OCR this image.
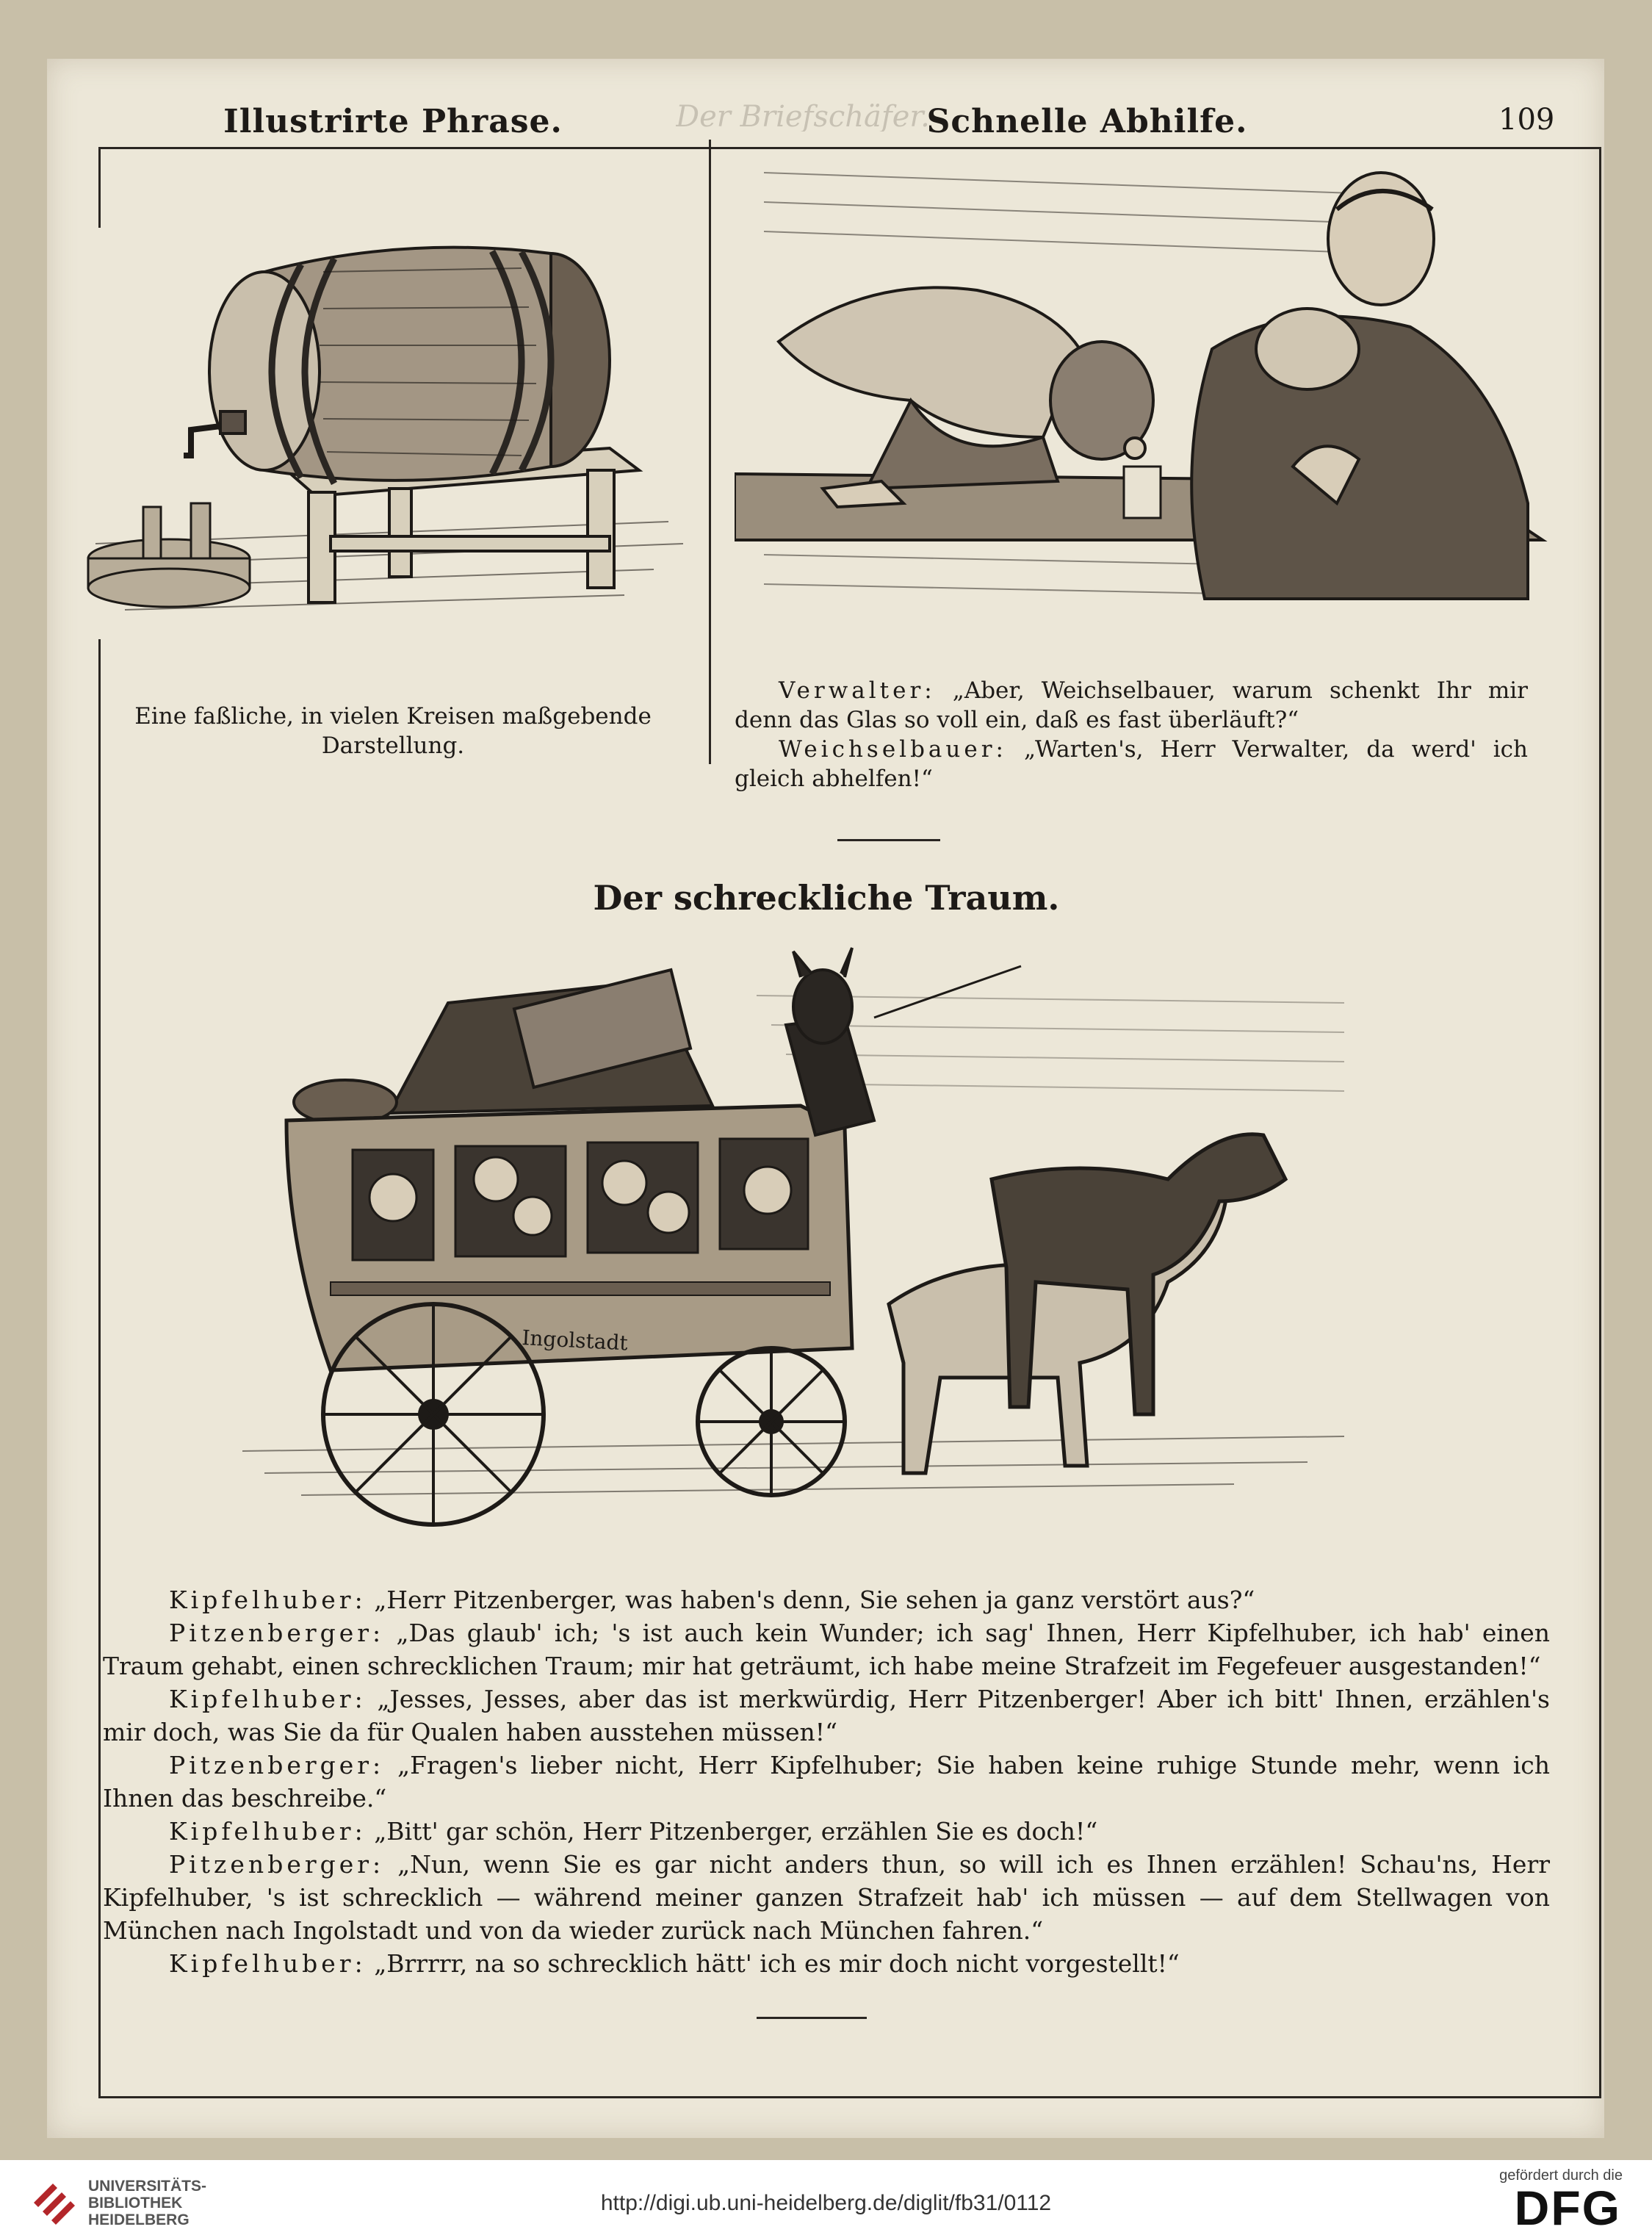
Der Briefschäfer.
Illustrirte Phrase.	Schnelle Abhilfe.	109
Eine faßliche, in vielen Kreisen maßgebende Darstellung.
Verwalter: „Aber, Weichselbauer, warum schenkt Ihr mir denn das Glas so voll ein, daß es fast überläuft?“
Weichselbauer: „Warten's, Herr Verwalter, da werd' ich gleich abhelfen!“
Der schreckliche Traum.
Ingolstadt
Kipfelhuber: „Herr Pitzenberger, was haben's denn, Sie sehen ja ganz verstört aus?“
Pitzenberger: „Das glaub' ich; 's ist auch kein Wunder; ich sag' Ihnen, Herr Kipfelhuber, ich hab' einen Traum gehabt, einen schrecklichen Traum; mir hat geträumt, ich habe meine Strafzeit im Fegefeuer ausgestanden!“
Kipfelhuber: „Jesses, Jesses, aber das ist merkwürdig, Herr Pitzenberger! Aber ich bitt' Ihnen, erzählen's mir doch, was Sie da für Qualen haben ausstehen müssen!“
Pitzenberger: „Fragen's lieber nicht, Herr Kipfelhuber; Sie haben keine ruhige Stunde mehr, wenn ich Ihnen das beschreibe.“
Kipfelhuber: „Bitt' gar schön, Herr Pitzenberger, erzählen Sie es doch!“
Pitzenberger: „Nun, wenn Sie es gar nicht anders thun, so will ich es Ihnen erzählen! Schau'ns, Herr Kipfelhuber, 's ist schrecklich — während meiner ganzen Strafzeit hab' ich müssen — auf dem Stellwagen von München nach Ingolstadt und von da wieder zurück nach München fahren.“
Kipfelhuber: „Brrrrr, na so schrecklich hätt' ich es mir doch nicht vorgestellt!“
UNIVERSITÄTS-
BIBLIOTHEK
HEIDELBERG
http://digi.ub.uni-heidelberg.de/diglit/fb31/0112
gefördert durch die
DFG
